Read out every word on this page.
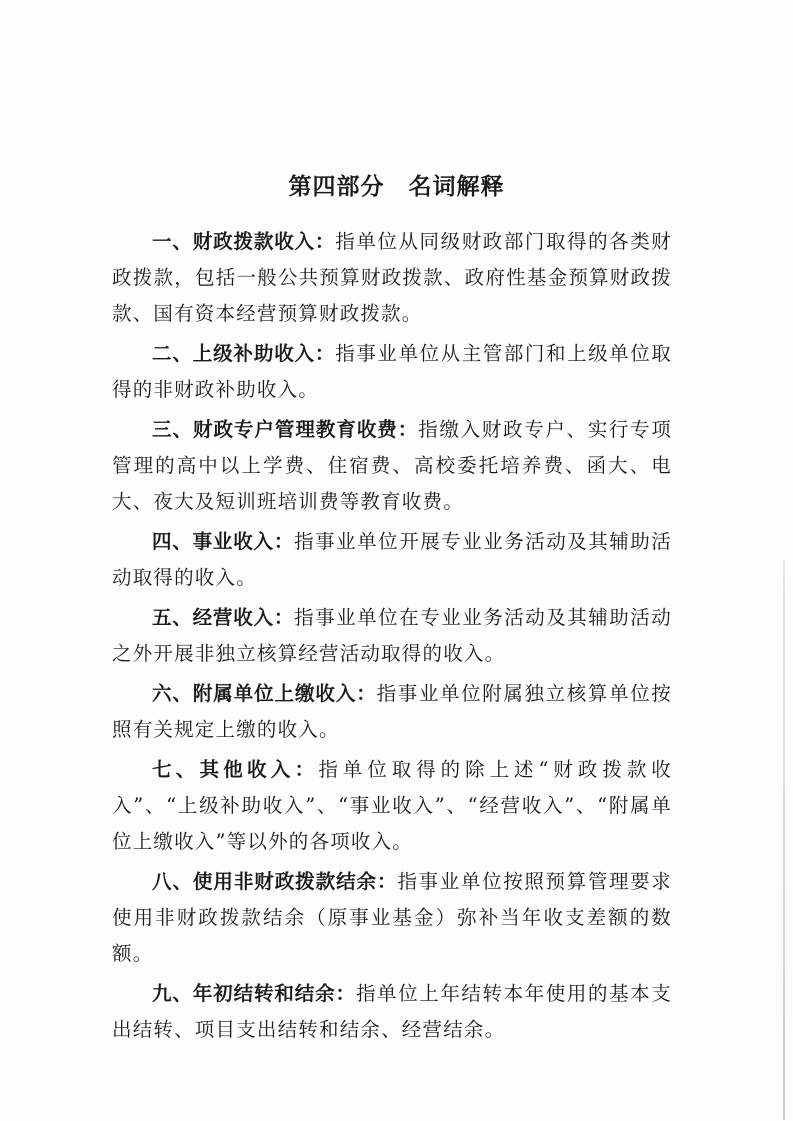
第四部分　名词解释

一、财政拨款收入：指单位从同级财政部门取得的各类财政拨款，包括一般公共预算财政拨款、政府性基金预算财政拨款、国有资本经营预算财政拨款。

二、上级补助收入：指事业单位从主管部门和上级单位取得的非财政补助收入。

三、财政专户管理教育收费：指缴入财政专户、实行专项管理的高中以上学费、住宿费、高校委托培养费、函大、电大、夜大及短训班培训费等教育收费。

四、事业收入：指事业单位开展专业业务活动及其辅助活动取得的收入。

五、经营收入：指事业单位在专业业务活动及其辅助活动之外开展非独立核算经营活动取得的收入。

六、附属单位上缴收入：指事业单位附属独立核算单位按照有关规定上缴的收入。

七、其他收入：指单位取得的除上述“财政拨款收入”、“上级补助收入”、“事业收入”、“经营收入”、“附属单位上缴收入”等以外的各项收入。

八、使用非财政拨款结余：指事业单位按照预算管理要求使用非财政拨款结余（原事业基金）弥补当年收支差额的数额。

九、年初结转和结余：指单位上年结转本年使用的基本支出结转、项目支出结转和结余、经营结余。
